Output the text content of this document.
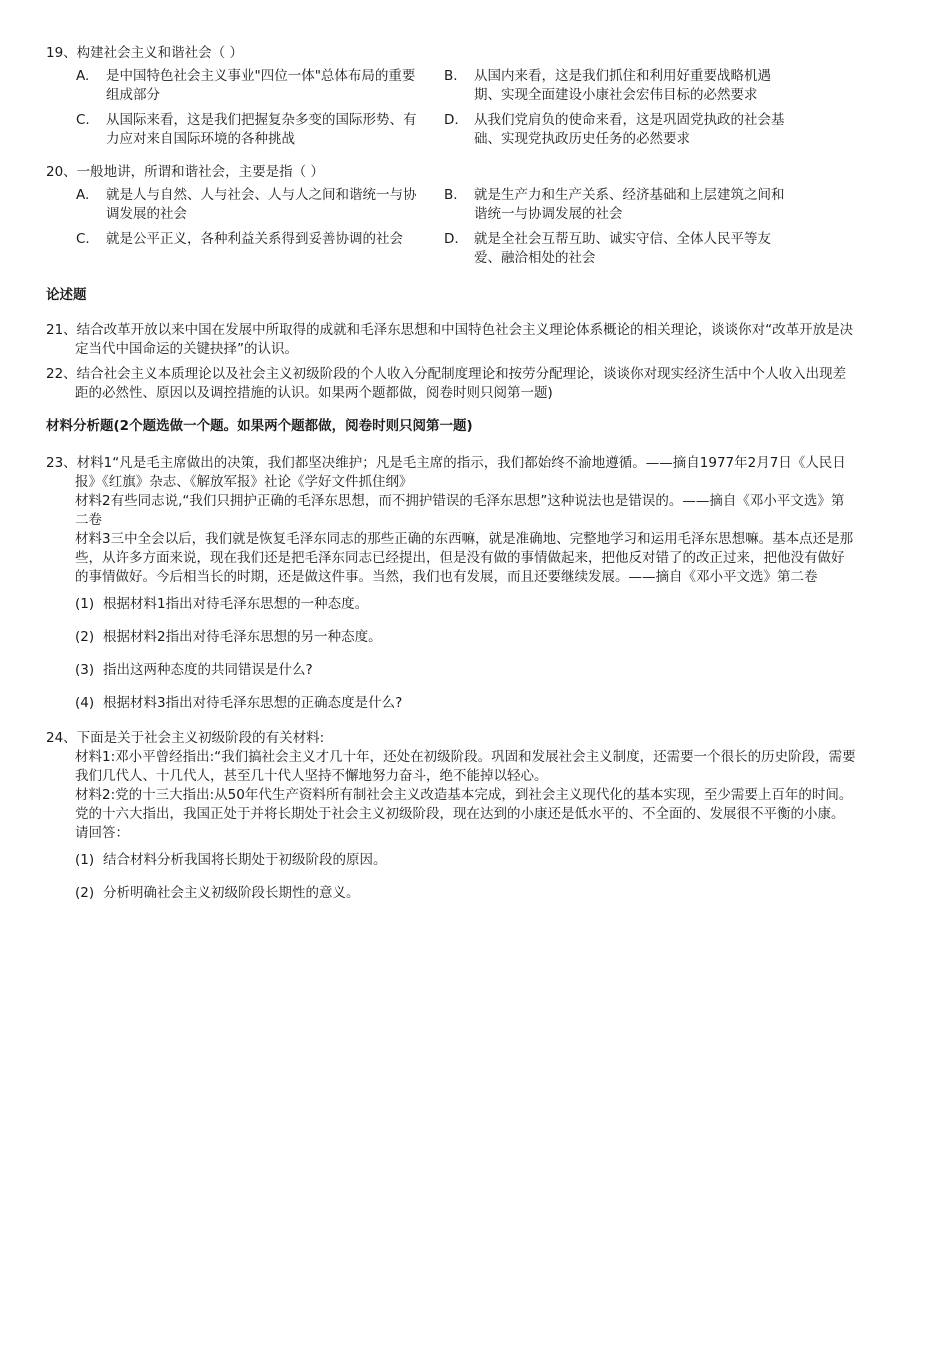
19、构建社会主义和谐社会（ ）

A.	是中国特色社会主义事业"四位一体"总体布局的重要组成部分
B.	从国内来看，这是我们抓住和利用好重要战略机遇期、实现全面建设小康社会宏伟目标的必然要求
C.	从国际来看，这是我们把握复杂多变的国际形势、有力应对来自国际环境的各种挑战
D.	从我们党肩负的使命来看，这是巩固党执政的社会基础、实现党执政历史任务的必然要求

20、一般地讲，所谓和谐社会，主要是指（ ）

A.	就是人与自然、人与社会、人与人之间和谐统一与协调发展的社会
B.	就是生产力和生产关系、经济基础和上层建筑之间和谐统一与协调发展的社会
C.	就是公平正义，各种利益关系得到妥善协调的社会	D.	就是全社会互帮互助、诚实守信、全体人民平等友爱、融洽相处的社会
论述题

21、结合改革开放以来中国在发展中所取得的成就和毛泽东思想和中国特色社会主义理论体系概论的相关理论，谈谈你对“改革开放是决定当代中国命运的关键抉择”的认识。

22、结合社会主义本质理论以及社会主义初级阶段的个人收入分配制度理论和按劳分配理论，谈谈你对现实经济生活中个人收入出现差距的必然性、原因以及调控措施的认识。如果两个题都做，阅卷时则只阅第一题)

材料分析题(2个题选做一个题。如果两个题都做，阅卷时则只阅第一题)

23、材料1“凡是毛主席做出的决策，我们都坚决维护；凡是毛主席的指示，我们都始终不渝地遵循。——摘自1977年2月7日《人民日报》《红旗》杂志、《解放军报》社论《学好文件抓住纲》

材料2有些同志说,“我们只拥护正确的毛泽东思想，而不拥护错误的毛泽东思想”这种说法也是错误的。——摘自《邓小平文选》第二卷

材料3三中全会以后，我们就是恢复毛泽东同志的那些正确的东西嘛，就是准确地、完整地学习和运用毛泽东思想嘛。基本点还是那些，从许多方面来说，现在我们还是把毛泽东同志已经提出，但是没有做的事情做起来，把他反对错了的改正过来，把他没有做好的事情做好。今后相当长的时期，还是做这件事。当然，我们也有发展，而且还要继续发展。——摘自《邓小平文选》第二卷

(1) 根据材料1指出对待毛泽东思想的一种态度。
(2) 根据材料2指出对待毛泽东思想的另一种态度。
(3) 指出这两种态度的共同错误是什么?
(4) 根据材料3指出对待毛泽东思想的正确态度是什么?

24、下面是关于社会主义初级阶段的有关材料:

材料1:邓小平曾经指出:“我们搞社会主义才几十年，还处在初级阶段。巩固和发展社会主义制度，还需要一个很长的历史阶段，需要我们几代人、十几代人，甚至几十代人坚持不懈地努力奋斗，绝不能掉以轻心。

材料2:党的十三大指出:从50年代生产资料所有制社会主义改造基本完成，到社会主义现代化的基本实现，至少需要上百年的时间。党的十六大指出，我国正处于并将长期处于社会主义初级阶段，现在达到的小康还是低水平的、不全面的、发展很不平衡的小康。

请回答：

(1) 结合材料分析我国将长期处于初级阶段的原因。
(2) 分析明确社会主义初级阶段长期性的意义。
